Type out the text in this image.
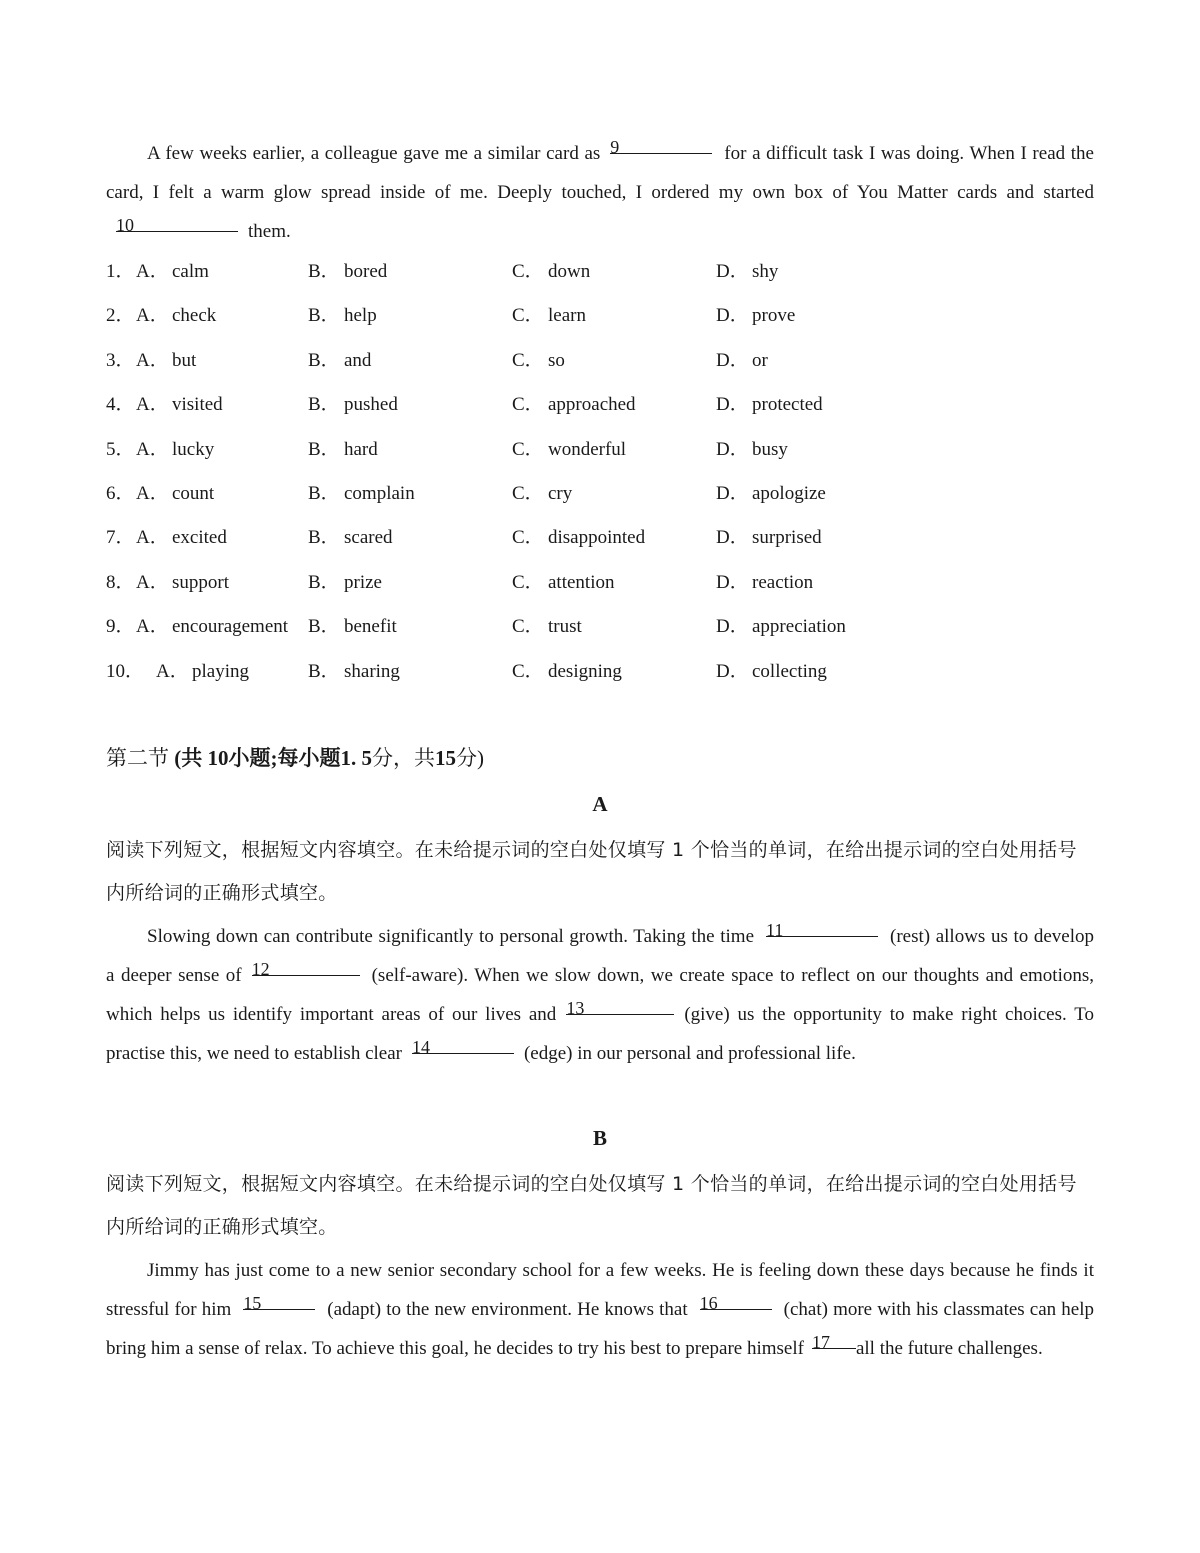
A few weeks earlier, a colleague gave me a similar card as 9	for a difficult task I was doing. When I read the card, I felt a warm glow spread inside of me. Deeply touched, I ordered my own box of You Matter cards and started10	them.
1． A． calm	B． bored	C． down	D． shy
2． A． check	B． help	C． learn	D． prove
3． A． but	B． and	C． so	D． or
4． A． visited	B． pushed	C． approached	D． protected
5． A． lucky	B． hard	C． wonderful	D． busy
6． A． count	B． complain	C． cry	D． apologize
7． A． excited	B． scared	C． disappointed	D． surprised
8． A． support	B． prize	C． attention	D． reaction
9． A． encouragement B． benefit	C． trust	D． appreciation
10． A． playing	B． sharing	C． designing	D． collecting
第二节 (共 10小题;每小题1. 5分，共15分)
A
阅读下列短文，根据短文内容填空。在未给提示词的空白处仅填写 1 个恰当的单词，在给出提示词的空白处用括号内所给词的正确形式填空。
Slowing down can contribute significantly to personal growth. Taking the time 11	(rest) allows us to develop a deeper sense of 12	(self-aware). When we slow down, we create space to reflect on our thoughts and emotions, which helps us identify important areas of our lives and 13	(give) us the opportunity to make right choices. To practise this, we need to establish clear 14	(edge) in our personal and professional life.
B
阅读下列短文，根据短文内容填空。在未给提示词的空白处仅填写 1 个恰当的单词，在给出提示词的空白处用括号内所给词的正确形式填空。
Jimmy has just come to a new senior secondary school for a few weeks. He is feeling down these days because he finds it stressful for him 15	(adapt) to the new environment. He knows that 16	(chat) more with his classmates can help bring him a sense of relax. To achieve this goal, he decides to try his best to prepare himself 17 all the future challenges.
